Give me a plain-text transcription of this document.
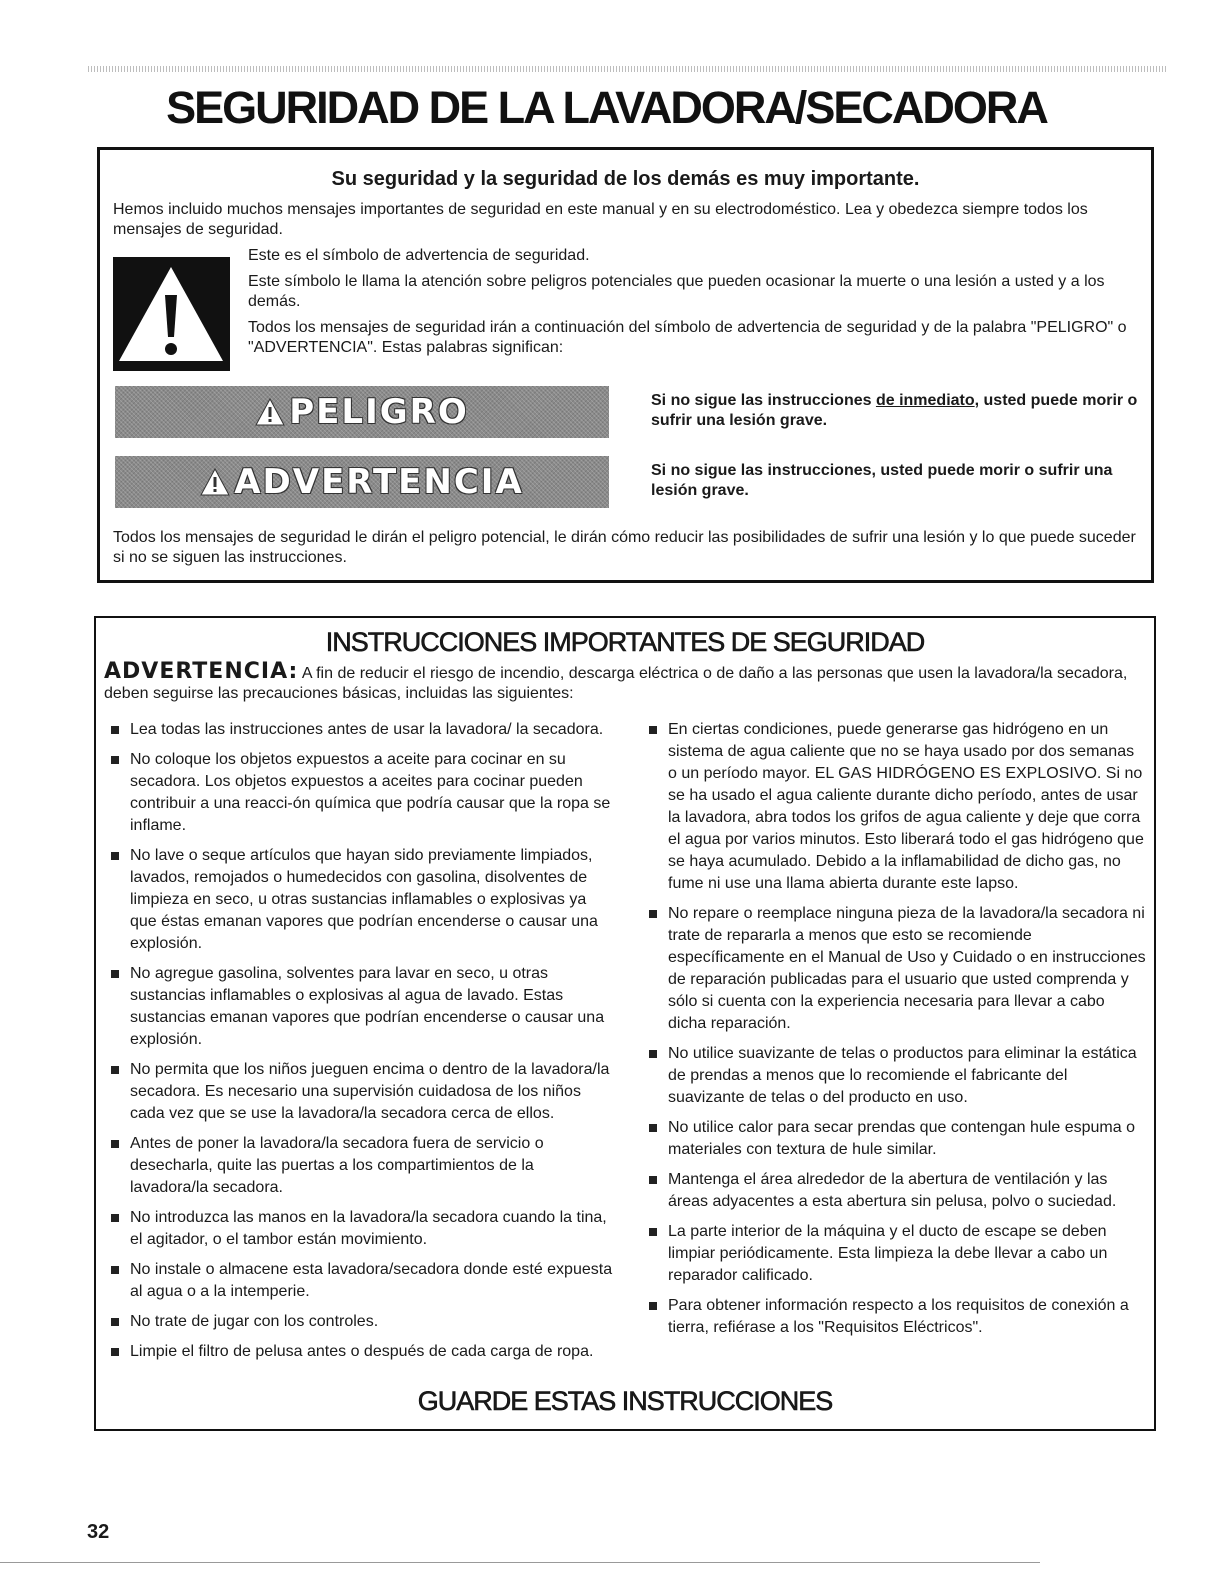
SEGURIDAD DE LA LAVADORA/SECADORA
Su seguridad y la seguridad de los demás es muy importante.

Hemos incluido muchos mensajes importantes de seguridad en este manual y en su electrodoméstico. Lea y obedezca siempre todos los mensajes de seguridad.

Este es el símbolo de advertencia de seguridad.

Este símbolo le llama la atención sobre peligros potenciales que pueden ocasionar la muerte o una lesión a usted y a los demás.

Todos los mensajes de seguridad irán a continuación del símbolo de advertencia de seguridad y de la palabra "PELIGRO" o "ADVERTENCIA". Estas palabras significan:

PELIGRO	Si no sigue las instrucciones de inmediato, usted puede morir o sufrir una lesión grave.

ADVERTENCIA	Si no sigue las instrucciones, usted puede morir o sufrir una lesión grave.

Todos los mensajes de seguridad le dirán el peligro potencial, le dirán cómo reducir las posibilidades de sufrir una lesión y lo que puede suceder si no se siguen las instrucciones.

INSTRUCCIONES IMPORTANTES DE SEGURIDAD

ADVERTENCIA: A fin de reducir el riesgo de incendio, descarga eléctrica o de daño a las personas que usen la lavadora/la secadora, deben seguirse las precauciones básicas, incluidas las siguientes:

Lea todas las instrucciones antes de usar la lavadora/ la secadora.
No coloque los objetos expuestos a aceite para cocinar en su secadora. Los objetos expuestos a aceites para cocinar pueden contribuir a una reacci-ón química que podría causar que la ropa se inflame.
No lave o seque artículos que hayan sido previamente limpiados, lavados, remojados o humedecidos con gasolina, disolventes de limpieza en seco, u otras sustancias inflamables o explosivas ya que éstas emanan vapores que podrían encenderse o causar una explosión.
No agregue gasolina, solventes para lavar en seco, u otras sustancias inflamables o explosivas al agua de lavado. Estas sustancias emanan vapores que podrían encenderse o causar una explosión.
No permita que los niños jueguen encima o dentro de la lavadora/la secadora. Es necesario una supervisión cuidadosa de los niños cada vez que se use la lavadora/la secadora cerca de ellos.
Antes de poner la lavadora/la secadora fuera de servicio o desecharla, quite las puertas a los compartimientos de la lavadora/la secadora.
No introduzca las manos en la lavadora/la secadora cuando la tina, el agitador, o el tambor están movimiento.
No instale o almacene esta lavadora/secadora donde esté expuesta al agua o a la intemperie.
No trate de jugar con los controles.
Limpie el filtro de pelusa antes o después de cada carga de ropa.
En ciertas condiciones, puede generarse gas hidrógeno en un sistema de agua caliente que no se haya usado por dos semanas o un período mayor. EL GAS HIDRÓGENO ES EXPLOSIVO. Si no se ha usado el agua caliente durante dicho período, antes de usar la lavadora, abra todos los grifos de agua caliente y deje que corra el agua por varios minutos. Esto liberará todo el gas hidrógeno que se haya acumulado. Debido a la inflamabilidad de dicho gas, no fume ni use una llama abierta durante este lapso.
No repare o reemplace ninguna pieza de la lavadora/la secadora ni trate de repararla a menos que esto se recomiende específicamente en el Manual de Uso y Cuidado o en instrucciones de reparación publicadas para el usuario que usted comprenda y sólo si cuenta con la experiencia necesaria para llevar a cabo dicha reparación.
No utilice suavizante de telas o productos para eliminar la estática de prendas a menos que lo recomiende el fabricante del suavizante de telas o del producto en uso.
No utilice calor para secar prendas que contengan hule espuma o materiales con textura de hule similar.
Mantenga el área alrededor de la abertura de ventilación y las áreas adyacentes a esta abertura sin pelusa, polvo o suciedad.
La parte interior de la máquina y el ducto de escape se deben limpiar periódicamente. Esta limpieza la debe llevar a cabo un reparador calificado.
Para obtener información respecto a los requisitos de conexión a tierra, refiérase a los "Requisitos Eléctricos".

GUARDE ESTAS INSTRUCCIONES

32
